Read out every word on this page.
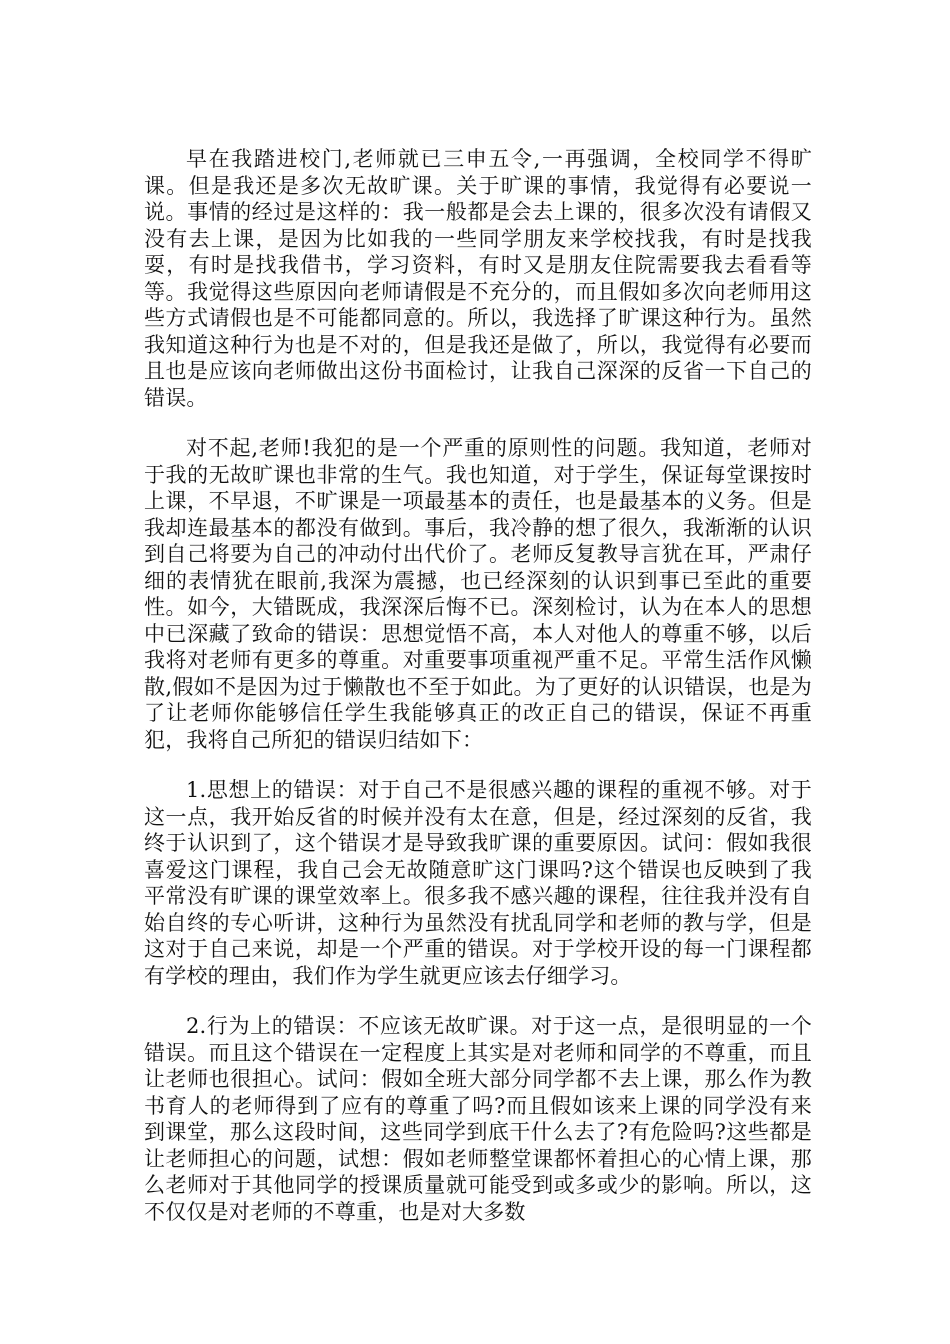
早在我踏进校门,老师就已三申五令,一再强调，全校同学不得旷课。但是我还是多次无故旷课。关于旷课的事情，我觉得有必要说一说。事情的经过是这样的：我一般都是会去上课的，很多次没有请假又没有去上课，是因为比如我的一些同学朋友来学校找我，有时是找我耍，有时是找我借书，学习资料，有时又是朋友住院需要我去看看等等。我觉得这些原因向老师请假是不充分的，而且假如多次向老师用这些方式请假也是不可能都同意的。所以，我选择了旷课这种行为。虽然我知道这种行为也是不对的，但是我还是做了，所以，我觉得有必要而且也是应该向老师做出这份书面检讨，让我自己深深的反省一下自己的错误。

对不起,老师!我犯的是一个严重的原则性的问题。我知道，老师对于我的无故旷课也非常的生气。我也知道，对于学生，保证每堂课按时上课，不早退，不旷课是一项最基本的责任，也是最基本的义务。但是我却连最基本的都没有做到。事后，我冷静的想了很久，我渐渐的认识到自己将要为自己的冲动付出代价了。老师反复教导言犹在耳，严肃仔细的表情犹在眼前,我深为震撼，也已经深刻的认识到事已至此的重要性。如今，大错既成，我深深后悔不已。深刻检讨，认为在本人的思想中已深藏了致命的错误：思想觉悟不高，本人对他人的尊重不够，以后我将对老师有更多的尊重。对重要事项重视严重不足。平常生活作风懒散,假如不是因为过于懒散也不至于如此。为了更好的认识错误，也是为了让老师你能够信任学生我能够真正的改正自己的错误，保证不再重犯，我将自己所犯的错误归结如下：

1.思想上的错误：对于自己不是很感兴趣的课程的重视不够。对于这一点，我开始反省的时候并没有太在意，但是，经过深刻的反省，我终于认识到了，这个错误才是导致我旷课的重要原因。试问：假如我很喜爱这门课程，我自己会无故随意旷这门课吗?这个错误也反映到了我平常没有旷课的课堂效率上。很多我不感兴趣的课程，往往我并没有自始自终的专心听讲，这种行为虽然没有扰乱同学和老师的教与学，但是这对于自己来说，却是一个严重的错误。对于学校开设的每一门课程都有学校的理由，我们作为学生就更应该去仔细学习。

2.行为上的错误：不应该无故旷课。对于这一点，是很明显的一个错误。而且这个错误在一定程度上其实是对老师和同学的不尊重，而且让老师也很担心。试问：假如全班大部分同学都不去上课，那么作为教书育人的老师得到了应有的尊重了吗?而且假如该来上课的同学没有来到课堂，那么这段时间，这些同学到底干什么去了?有危险吗?这些都是让老师担心的问题，试想：假如老师整堂课都怀着担心的心情上课，那么老师对于其他同学的授课质量就可能受到或多或少的影响。所以，这不仅仅是对老师的不尊重，也是对大多数
